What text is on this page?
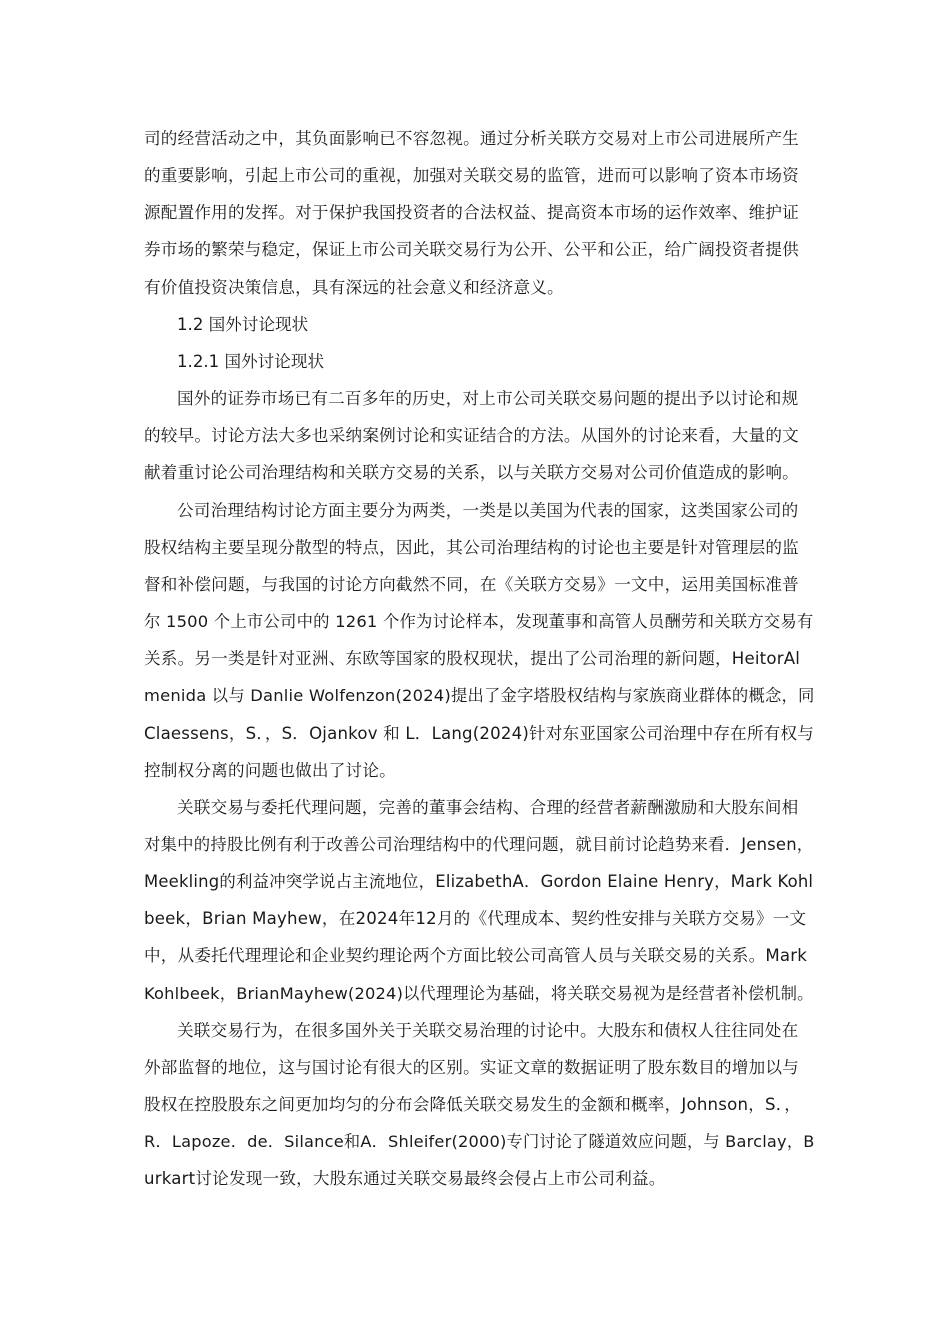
司的经营活动之中，其负面影响已不容忽视。通过分析关联方交易对上市公司进展所产生
的重要影响，引起上市公司的重视，加强对关联交易的监管，进而可以影响了资本市场资
源配置作用的发挥。对于保护我国投资者的合法权益、提高资本市场的运作效率、维护证
券市场的繁荣与稳定，保证上市公司关联交易行为公开、公平和公正，给广阔投资者提供
有价值投资决策信息，具有深远的社会意义和经济意义。
1.2 国外讨论现状
1.2.1 国外讨论现状
国外的证券市场已有二百多年的历史，对上市公司关联交易问题的提出予以讨论和规
的较早。讨论方法大多也采纳案例讨论和实证结合的方法。从国外的讨论来看，大量的文
献着重讨论公司治理结构和关联方交易的关系，以与关联方交易对公司价值造成的影响。
公司治理结构讨论方面主要分为两类，一类是以美国为代表的国家，这类国家公司的
股权结构主要呈现分散型的特点，因此，其公司治理结构的讨论也主要是针对管理层的监
督和补偿问题，与我国的讨论方向截然不同，在《关联方交易》一文中，运用美国标准普
尔 1500 个上市公司中的 1261 个作为讨论样本，发现董事和高管人员酬劳和关联方交易有
关系。另一类是针对亚洲、东欧等国家的股权现状，提出了公司治理的新问题，HeitorAl
menida 以与 Danlie Wolfenzon(2024)提出了金字塔股权结构与家族商业群体的概念，同
Claessens，S．，S．Ojankov 和 L．Lang(2024)针对东亚国家公司治理中存在所有权与
控制权分离的问题也做出了讨论。
关联交易与委托代理问题，完善的董事会结构、合理的经营者薪酬激励和大股东间相
对集中的持股比例有利于改善公司治理结构中的代理问题，就目前讨论趋势来看．Jensen，
Meekling的利益冲突学说占主流地位，ElizabethA．Gordon Elaine Henry，Mark Kohl
beek，Brian Mayhew，在2024年12月的《代理成本、契约性安排与关联方交易》一文
中，从委托代理理论和企业契约理论两个方面比较公司高管人员与关联交易的关系。Mark
Kohlbeek，BrianMayhew(2024)以代理理论为基础，将关联交易视为是经营者补偿机制。
关联交易行为，在很多国外关于关联交易治理的讨论中。大股东和债权人往往同处在
外部监督的地位，这与国讨论有很大的区别。实证文章的数据证明了股东数目的增加以与
股权在控股股东之间更加均匀的分布会降低关联交易发生的金额和概率，Johnson，S．，
R．Lapoze．de．Silance和A．Shleifer(2000)专门讨论了隧道效应问题，与 Barclay，B
urkart讨论发现一致，大股东通过关联交易最终会侵占上市公司利益。
